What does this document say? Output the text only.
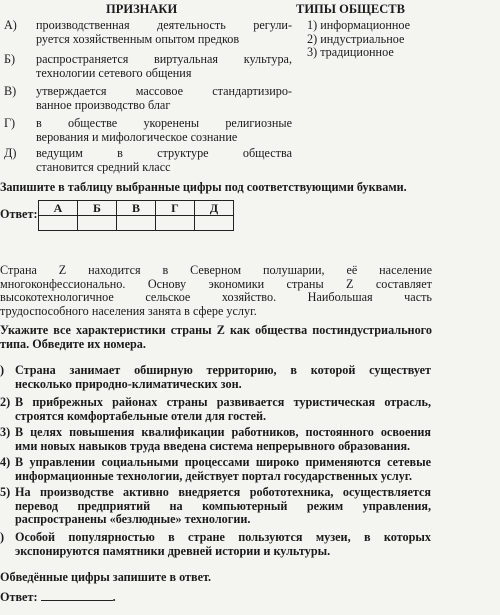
ПРИЗНАКИ	ТИПЫ ОБЩЕСТВ
А)	производственная деятельность регули-
руется хозяйственным опытом предков
Б)	распространяется виртуальная культура,
технологии сетевого общения
В)	утверждается массовое стандартизиро-
ванное производство благ
Г)	в обществе укоренены религиозные
верования и мифологическое сознание
Д)	ведущим в структуре общества
становится средний класс
1) информационное
2) индустриальное
3) традиционное
Запишите в таблицу выбранные цифры под соответствующими буквами.
Ответ: А	Б	В	Г	Д

Страна Z находится в Северном полушарии, её население
многоконфессионально. Основу экономики страны Z составляет
высокотехнологичное сельское хозяйство. Наибольшая часть
трудоспособного населения занята в сфере услуг.
Укажите все характеристики страны Z как общества постиндустриального
типа. Обведите их номера.
) Страна занимает обширную территорию, в которой существует
несколько природно-климатических зон.
2) В прибрежных районах страны развивается туристическая отрасль,
строятся комфортабельные отели для гостей.
3) В целях повышения квалификации работников, постоянного освоения
ими новых навыков труда введена система непрерывного образования.
4) В управлении социальными процессами широко применяются сетевые
информационные технологии, действует портал государственных услуг.
5) На производстве активно внедряется робототехника, осуществляется
перевод предприятий на компьютерный режим управления,
распространены «безлюдные» технологии.
) Особой популярностью в стране пользуются музеи, в которых
экспонируются памятники древней истории и культуры.
Обведённые цифры запишите в ответ.
Ответ:	.
